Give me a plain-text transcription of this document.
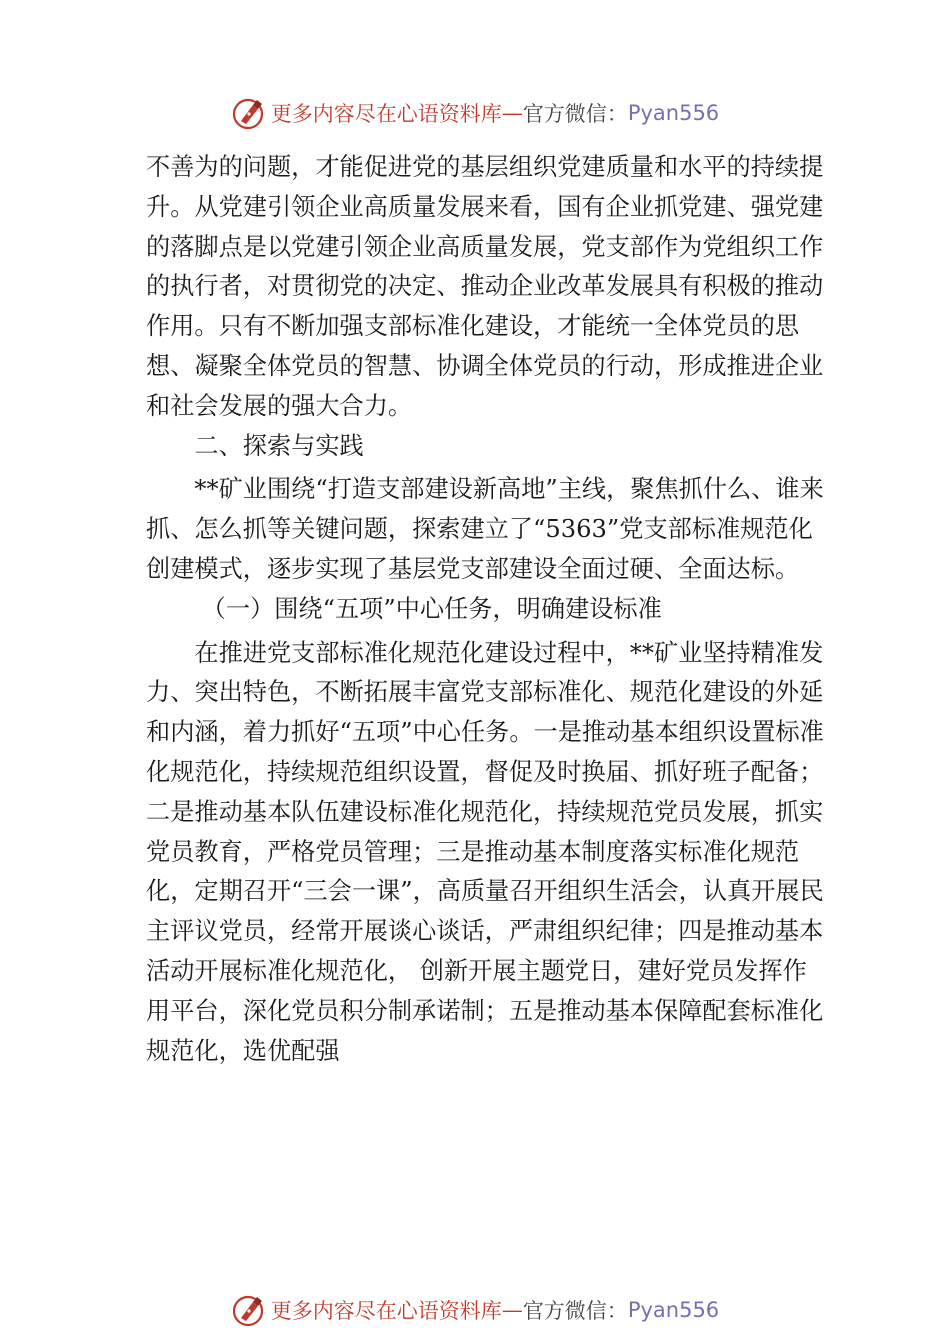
更多内容尽在心语资料库 — 官方微信： Pyan556

不善为的问题，才能促进党的基层组织党建质量和水平的持续提升。从党建引领企业高质量发展来看，国有企业抓党建、强党建的落脚点是以党建引领企业高质量发展，党支部作为党组织工作的执行者，对贯彻党的决定、推动企业改革发展具有积极的推动作用。只有不断加强支部标准化建设，才能统一全体党员的思想、凝聚全体党员的智慧、协调全体党员的行动，形成推进企业和社会发展的强大合力。

二、探索与实践

**矿业围绕“打造支部建设新高地”主线，聚焦抓什么、谁来抓、怎么抓等关键问题，探索建立了“5363”党支部标准规范化创建模式，逐步实现了基层党支部建设全面过硬、全面达标。

（一）围绕“五项”中心任务，明确建设标准

在推进党支部标准化规范化建设过程中，**矿业坚持精准发力、突出特色，不断拓展丰富党支部标准化、规范化建设的外延和内涵，着力抓好“五项”中心任务。一是推动基本组织设置标准化规范化，持续规范组织设置，督促及时换届、抓好班子配备；二是推动基本队伍建设标准化规范化，持续规范党员发展，抓实党员教育，严格党员管理；三是推动基本制度落实标准化规范化，定期召开“三会一课”，高质量召开组织生活会，认真开展民主评议党员，经常开展谈心谈话，严肃组织纪律；四是推动基本活动开展标准化规范化， 创新开展主题党日，建好党员发挥作用平台，深化党员积分制承诺制；五是推动基本保障配套标准化规范化，选优配强

更多内容尽在心语资料库 — 官方微信： Pyan556
